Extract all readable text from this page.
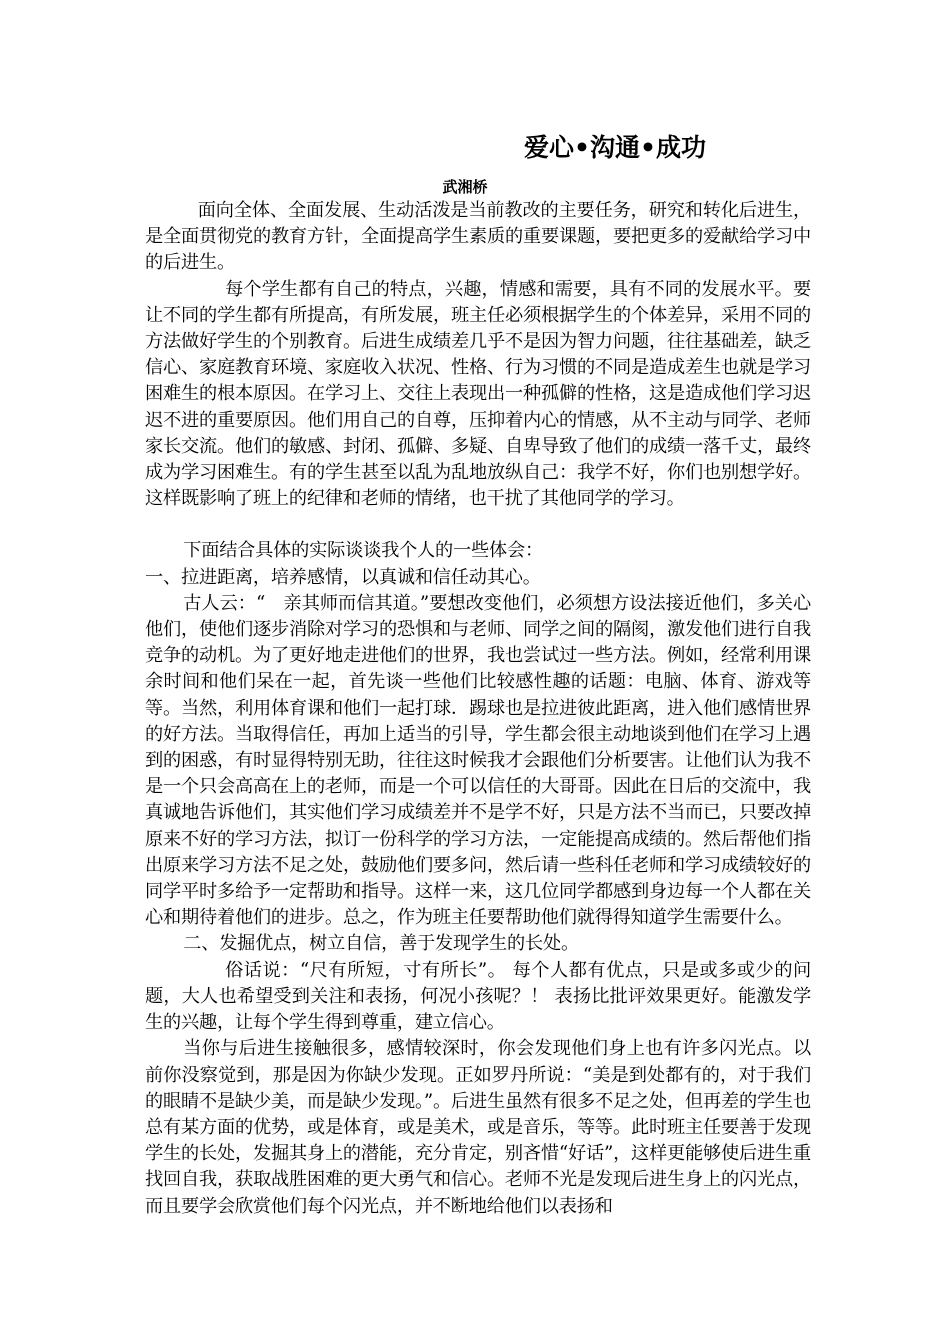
爱心•沟通•成功
武湘桥

面向全体、全面发展、生动活泼是当前教改的主要任务，研究和转化后进生，是全面贯彻党的教育方针，全面提高学生素质的重要课题，要把更多的爱献给学习中的后进生。

每个学生都有自己的特点，兴趣，情感和需要，具有不同的发展水平。要让不同的学生都有所提高，有所发展，班主任必须根据学生的个体差异，采用不同的方法做好学生的个别教育。后进生成绩差几乎不是因为智力问题，往往基础差，缺乏信心、家庭教育环境、家庭收入状况、性格、行为习惯的不同是造成差生也就是学习困难生的根本原因。在学习上、交往上表现出一种孤僻的性格，这是造成他们学习迟迟不进的重要原因。他们用自己的自尊，压抑着内心的情感，从不主动与同学、老师家长交流。他们的敏感、封闭、孤僻、多疑、自卑导致了他们的成绩一落千丈，最终成为学习困难生。有的学生甚至以乱为乱地放纵自己：我学不好，你们也别想学好。这样既影响了班上的纪律和老师的情绪，也干扰了其他同学的学习。

下面结合具体的实际谈谈我个人的一些体会：

一、拉进距离，培养感情，以真诚和信任动其心。

古人云：“　亲其师而信其道。”要想改变他们，必须想方设法接近他们，多关心他们，使他们逐步消除对学习的恐惧和与老师、同学之间的隔阂，激发他们进行自我竞争的动机。为了更好地走进他们的世界，我也尝试过一些方法。例如，经常利用课余时间和他们呆在一起，首先谈一些他们比较感性趣的话题：电脑、体育、游戏等等。当然，利用体育课和他们一起打球．踢球也是拉进彼此距离，进入他们感情世界的好方法。当取得信任，再加上适当的引导，学生都会很主动地谈到他们在学习上遇到的困惑，有时显得特别无助，往往这时候我才会跟他们分析要害。让他们认为我不是一个只会高高在上的老师，而是一个可以信任的大哥哥。因此在日后的交流中，我真诚地告诉他们，其实他们学习成绩差并不是学不好，只是方法不当而已，只要改掉原来不好的学习方法，拟订一份科学的学习方法，一定能提高成绩的。然后帮他们指出原来学习方法不足之处，鼓励他们要多问，然后请一些科任老师和学习成绩较好的同学平时多给予一定帮助和指导。这样一来，这几位同学都感到身边每一个人都在关心和期待着他们的进步。总之，作为班主任要帮助他们就得得知道学生需要什么。

二、发掘优点，树立自信，善于发现学生的长处。

俗话说：“尺有所短，寸有所长”。 每个人都有优点，只是或多或少的问题，大人也希望受到关注和表扬，何况小孩呢？！ 表扬比批评效果更好。能激发学生的兴趣，让每个学生得到尊重，建立信心。

当你与后进生接触很多，感情较深时，你会发现他们身上也有许多闪光点。以前你没察觉到，那是因为你缺少发现。正如罗丹所说：“美是到处都有的，对于我们的眼睛不是缺少美，而是缺少发现。”。后进生虽然有很多不足之处，但再差的学生也总有某方面的优势，或是体育，或是美术，或是音乐，等等。此时班主任要善于发现学生的长处，发掘其身上的潜能，充分肯定，别吝惜“好话”，这样更能够使后进生重找回自我，获取战胜困难的更大勇气和信心。老师不光是发现后进生身上的闪光点，而且要学会欣赏他们每个闪光点，并不断地给他们以表扬和
